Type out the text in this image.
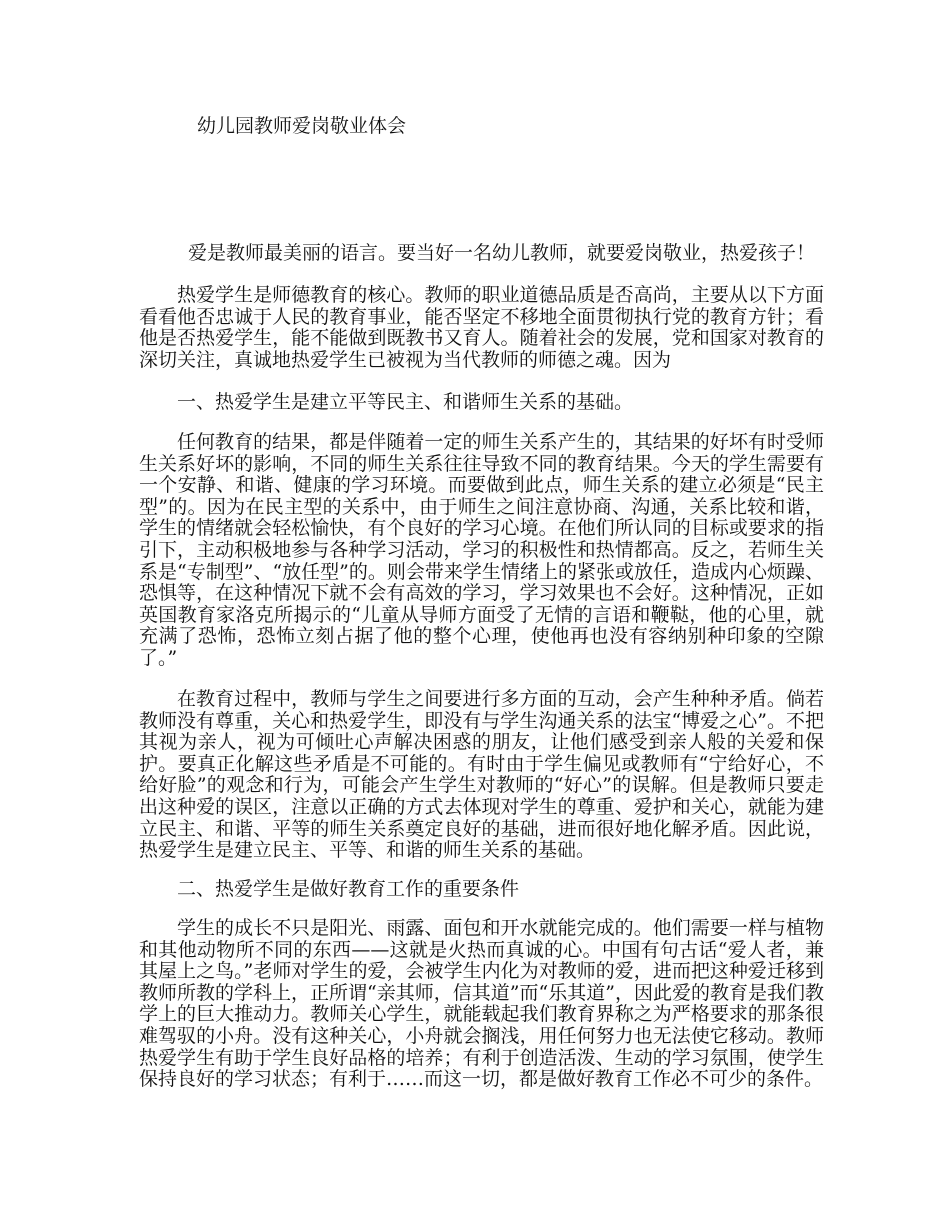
幼儿园教师爱岗敬业体会
爱是教师最美丽的语言。要当好一名幼儿教师，就要爱岗敬业，热爱孩子！

热爱学生是师德教育的核心。教师的职业道德品质是否高尚，主要从以下方面看看他否忠诚于人民的教育事业，能否坚定不移地全面贯彻执行党的教育方针；看他是否热爱学生，能不能做到既教书又育人。随着社会的发展，党和国家对教育的深切关注，真诚地热爱学生已被视为当代教师的师德之魂。因为

一、热爱学生是建立平等民主、和谐师生关系的基础。

任何教育的结果，都是伴随着一定的师生关系产生的，其结果的好坏有时受师生关系好坏的影响，不同的师生关系往往导致不同的教育结果。今天的学生需要有一个安静、和谐、健康的学习环境。而要做到此点，师生关系的建立必须是“民主型”的。因为在民主型的关系中，由于师生之间注意协商、沟通，关系比较和谐，学生的情绪就会轻松愉快，有个良好的学习心境。在他们所认同的目标或要求的指引下，主动积极地参与各种学习活动，学习的积极性和热情都高。反之，若师生关系是“专制型”、“放任型”的。则会带来学生情绪上的紧张或放任，造成内心烦躁、恐惧等，在这种情况下就不会有高效的学习，学习效果也不会好。这种情况，正如英国教育家洛克所揭示的“儿童从导师方面受了无情的言语和鞭鞑，他的心里，就充满了恐怖，恐怖立刻占据了他的整个心理，使他再也没有容纳别种印象的空隙了。”

在教育过程中，教师与学生之间要进行多方面的互动，会产生种种矛盾。倘若教师没有尊重，关心和热爱学生，即没有与学生沟通关系的法宝“博爱之心”。不把其视为亲人，视为可倾吐心声解决困惑的朋友，让他们感受到亲人般的关爱和保护。要真正化解这些矛盾是不可能的。有时由于学生偏见或教师有“宁给好心，不给好脸”的观念和行为，可能会产生学生对教师的“好心”的误解。但是教师只要走出这种爱的误区，注意以正确的方式去体现对学生的尊重、爱护和关心，就能为建立民主、和谐、平等的师生关系奠定良好的基础，进而很好地化解矛盾。因此说，热爱学生是建立民主、平等、和谐的师生关系的基础。

二、热爱学生是做好教育工作的重要条件

学生的成长不只是阳光、雨露、面包和开水就能完成的。他们需要一样与植物和其他动物所不同的东西——这就是火热而真诚的心。中国有句古话“爱人者，兼其屋上之鸟。”老师对学生的爱，会被学生内化为对教师的爱，进而把这种爱迁移到教师所教的学科上，正所谓“亲其师，信其道”而“乐其道”，因此爱的教育是我们教学上的巨大推动力。教师关心学生，就能载起我们教育界称之为严格要求的那条很难驾驭的小舟。没有这种关心，小舟就会搁浅，用任何努力也无法使它移动。教师热爱学生有助于学生良好品格的培养；有利于创造活泼、生动的学习氛围，使学生保持良好的学习状态；有利于……而这一切，都是做好教育工作必不可少的条件。
